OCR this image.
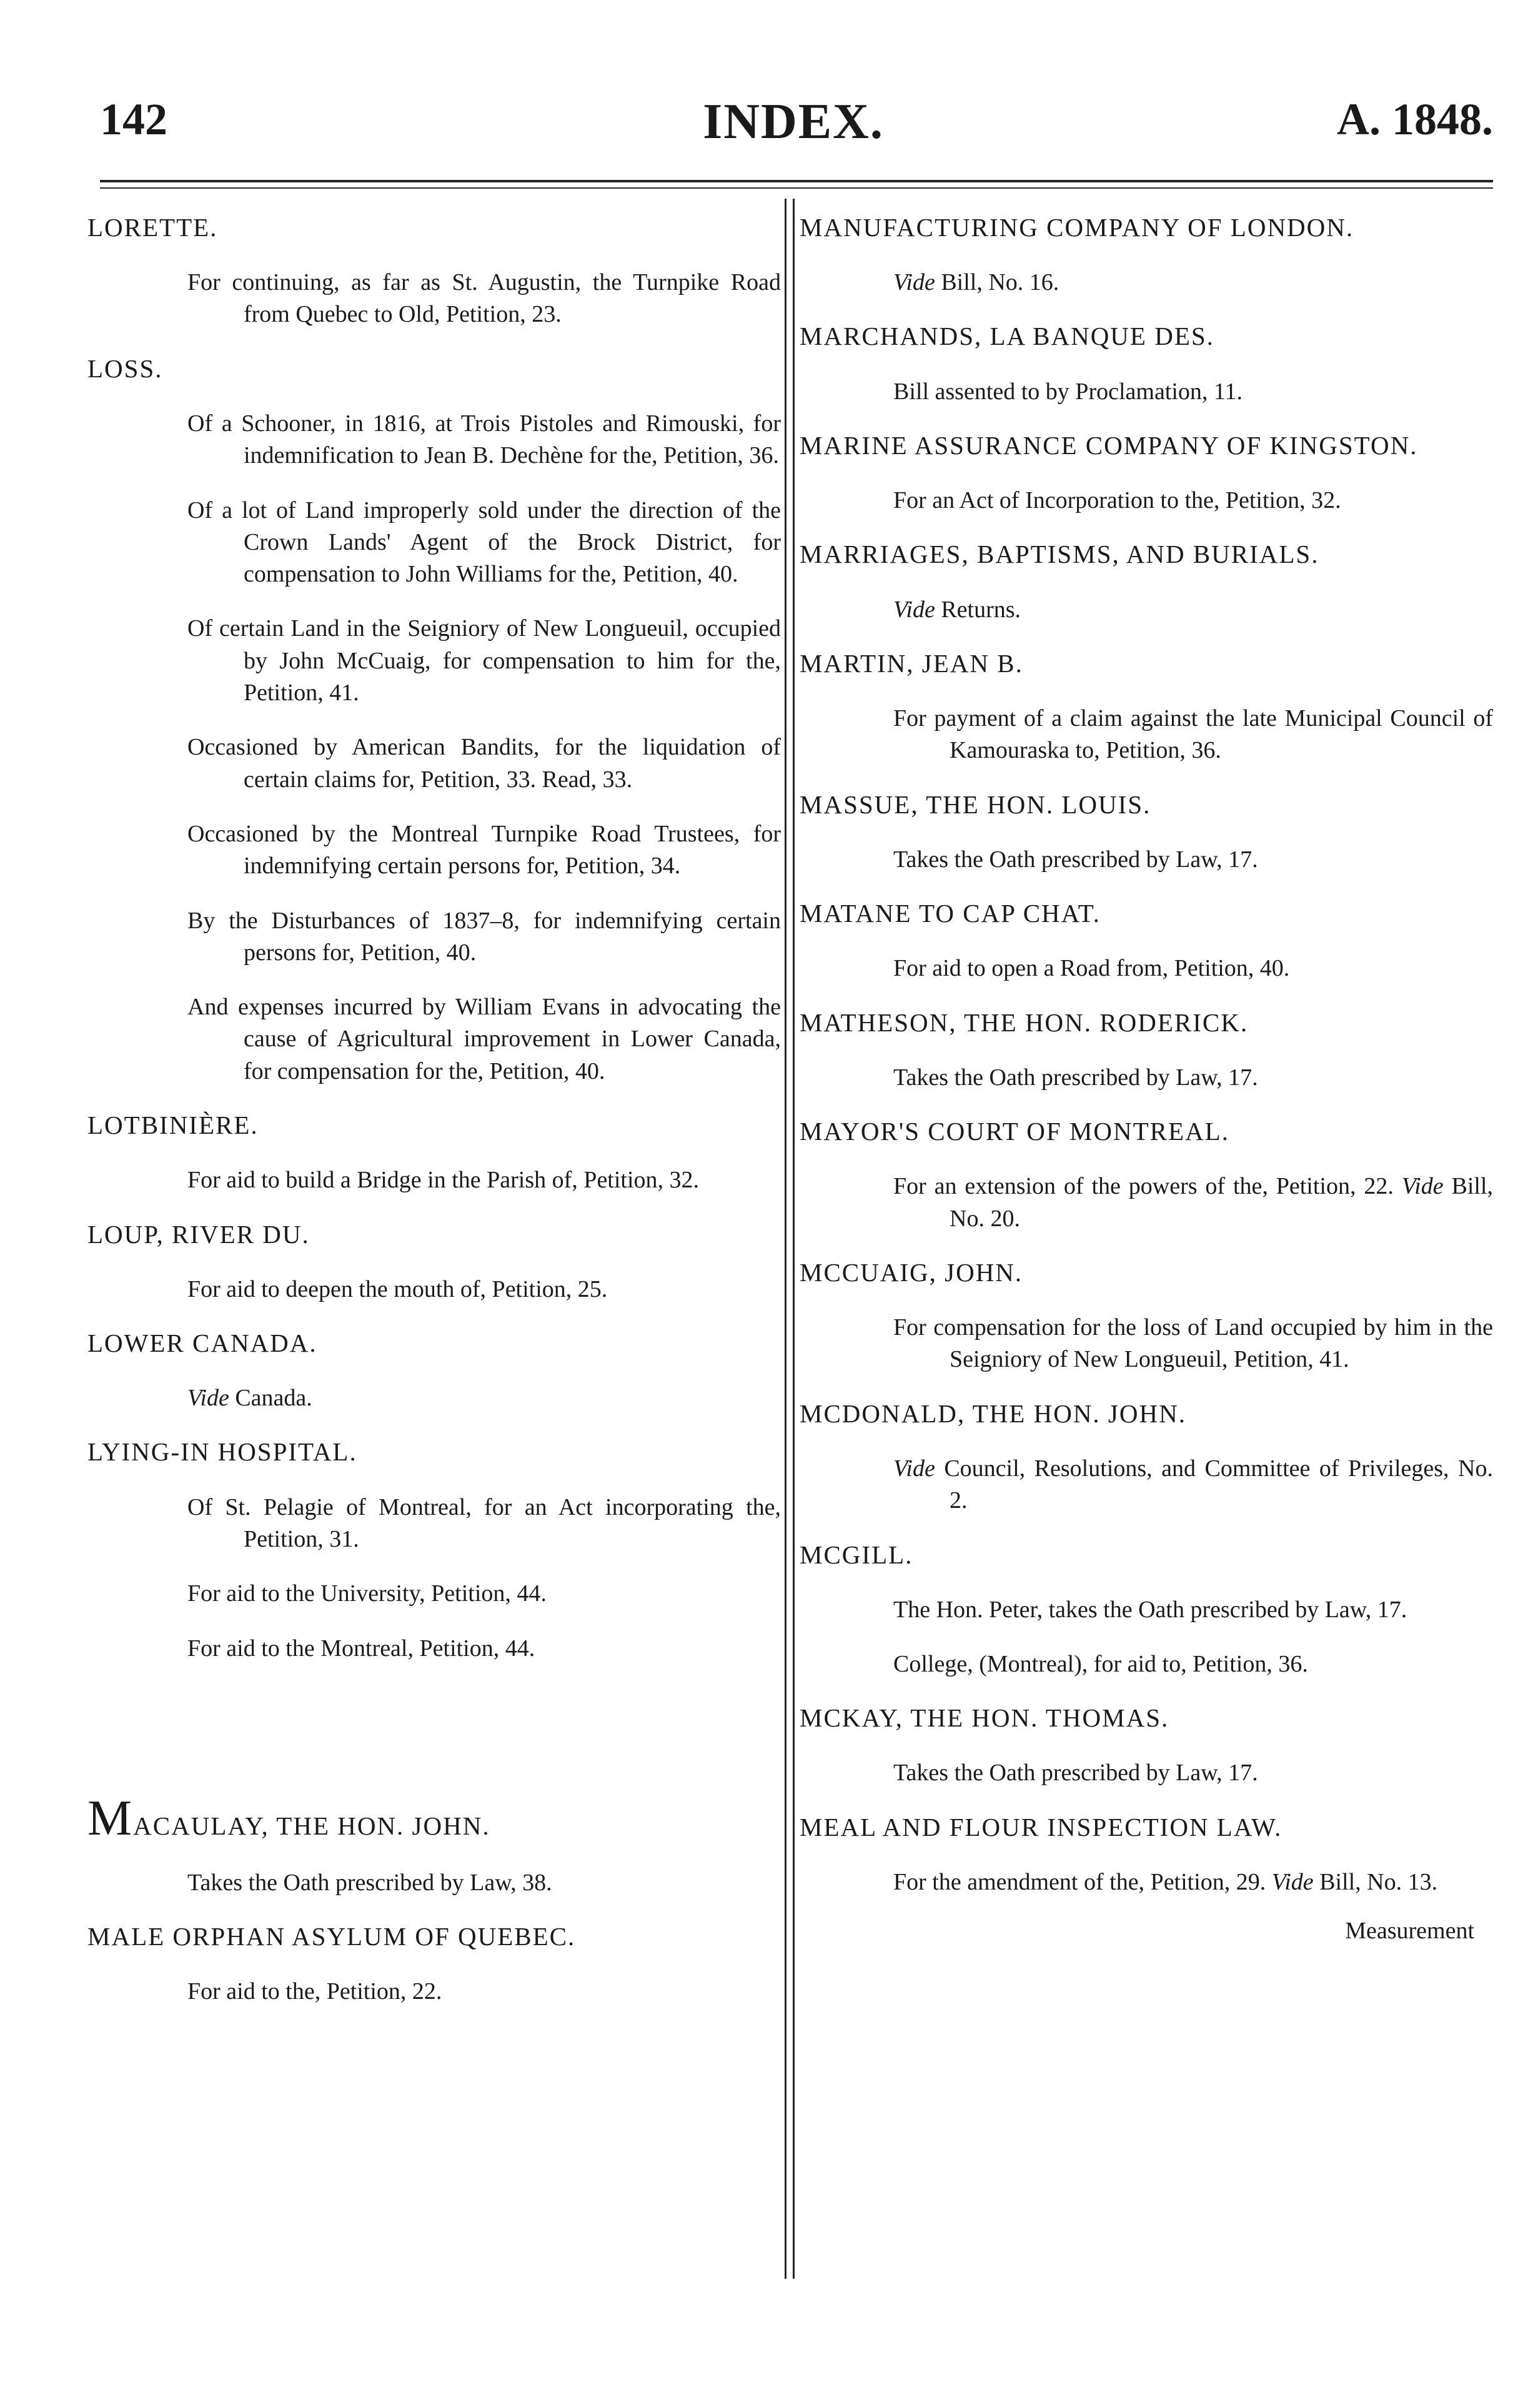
142	INDEX.	A. 1848.

LORETTE.

For continuing, as far as St. Augustin, the Turnpike Road from Quebec to Old, Petition, 23.

LOSS.

Of a Schooner, in 1816, at Trois Pistoles and Rimouski, for indemnification to Jean B. Dechène for the, Petition, 36.

Of a lot of Land improperly sold under the direction of the Crown Lands' Agent of the Brock District, for compensation to John Williams for the, Petition, 40.

Of certain Land in the Seigniory of New Longueuil, occupied by John McCuaig, for compensation to him for the, Petition, 41.

Occasioned by American Bandits, for the liquidation of certain claims for, Petition, 33. Read, 33.

Occasioned by the Montreal Turnpike Road Trustees, for indemnifying certain persons for, Petition, 34.

By the Disturbances of 1837–8, for indemnifying certain persons for, Petition, 40.

And expenses incurred by William Evans in advocating the cause of Agricultural improvement in Lower Canada, for compensation for the, Petition, 40.

LOTBINIÈRE.

For aid to build a Bridge in the Parish of, Petition, 32.

LOUP, RIVER DU.

For aid to deepen the mouth of, Petition, 25.

LOWER CANADA.

Vide Canada.

LYING-IN HOSPITAL.

Of St. Pelagie of Montreal, for an Act incorporating the, Petition, 31.

For aid to the University, Petition, 44.

For aid to the Montreal, Petition, 44.

MACAULAY, THE HON. JOHN.

Takes the Oath prescribed by Law, 38.

MALE ORPHAN ASYLUM OF QUEBEC.

For aid to the, Petition, 22.

MANUFACTURING COMPANY OF LONDON.

Vide Bill, No. 16.

MARCHANDS, LA BANQUE DES.

Bill assented to by Proclamation, 11.

MARINE ASSURANCE COMPANY OF KINGSTON.

For an Act of Incorporation to the, Petition, 32.

MARRIAGES, BAPTISMS, AND BURIALS.

Vide Returns.

MARTIN, JEAN B.

For payment of a claim against the late Municipal Council of Kamouraska to, Petition, 36.

MASSUE, THE HON. LOUIS.

Takes the Oath prescribed by Law, 17.

MATANE TO CAP CHAT.

For aid to open a Road from, Petition, 40.

MATHESON, THE HON. RODERICK.

Takes the Oath prescribed by Law, 17.

MAYOR'S COURT OF MONTREAL.

For an extension of the powers of the, Petition, 22. Vide Bill, No. 20.

MCCUAIG, JOHN.

For compensation for the loss of Land occupied by him in the Seigniory of New Longueuil, Petition, 41.

MCDONALD, THE HON. JOHN.

Vide Council, Resolutions, and Committee of Privileges, No. 2.

MCGILL.

The Hon. Peter, takes the Oath prescribed by Law, 17.

College, (Montreal), for aid to, Petition, 36.

MCKAY, THE HON. THOMAS.

Takes the Oath prescribed by Law, 17.

MEAL AND FLOUR INSPECTION LAW.

For the amendment of the, Petition, 29. Vide Bill, No. 13.

Measurement
